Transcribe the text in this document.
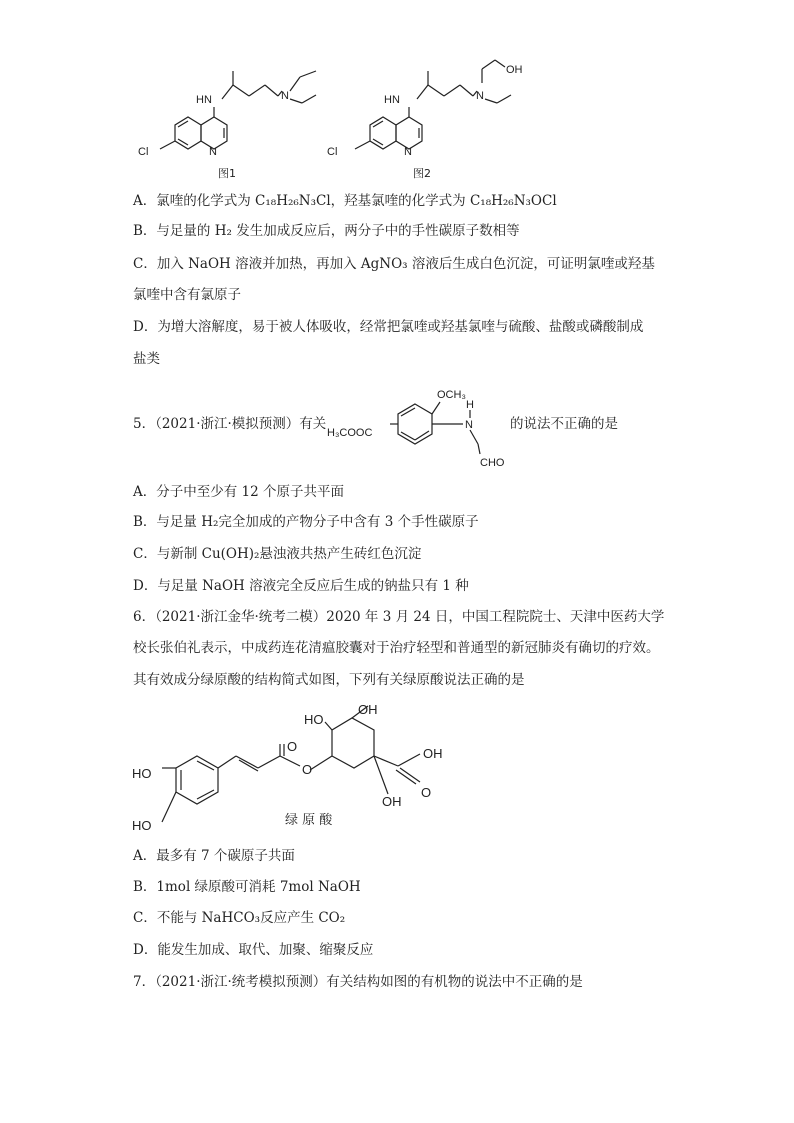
HN	N
Cl	N
图1
HN	N
OH
Cl	N
图2
A．氯喹的化学式为 C₁₈H₂₆N₃Cl，羟基氯喹的化学式为 C₁₈H₂₆N₃OCl
B．与足量的 H₂ 发生加成反应后，两分子中的手性碳原子数相等
C．加入 NaOH 溶液并加热，再加入 AgNO₃ 溶液后生成白色沉淀，可证明氯喹或羟基
氯喹中含有氯原子
D．为增大溶解度，易于被人体吸收，经常把氯喹或羟基氯喹与硫酸、盐酸或磷酸制成
盐类
5．（2021·浙江·模拟预测）有关
OCH₃
H
N
CHO
H₃COOC
的说法不正确的是
A．分子中至少有 12 个原子共平面
B．与足量 H₂完全加成的产物分子中含有 3 个手性碳原子
C．与新制 Cu(OH)₂悬浊液共热产生砖红色沉淀
D．与足量 NaOH 溶液完全反应后生成的钠盐只有 1 种
6．（2021·浙江金华·统考二模）2020 年 3 月 24 日，中国工程院院士、天津中医药大学
校长张伯礼表示，中成药连花清瘟胶囊对于治疗轻型和普通型的新冠肺炎有确切的疗效。
其有效成分绿原酸的结构简式如图，下列有关绿原酸说法正确的是
HO
HO
OH
HO
O
O
OH
O
OH
绿 原 酸
A．最多有 7 个碳原子共面
B．1mol 绿原酸可消耗 7mol NaOH
C．不能与 NaHCO₃反应产生 CO₂
D．能发生加成、取代、加聚、缩聚反应
7．（2021·浙江·统考模拟预测）有关结构如图的有机物的说法中不正确的是
